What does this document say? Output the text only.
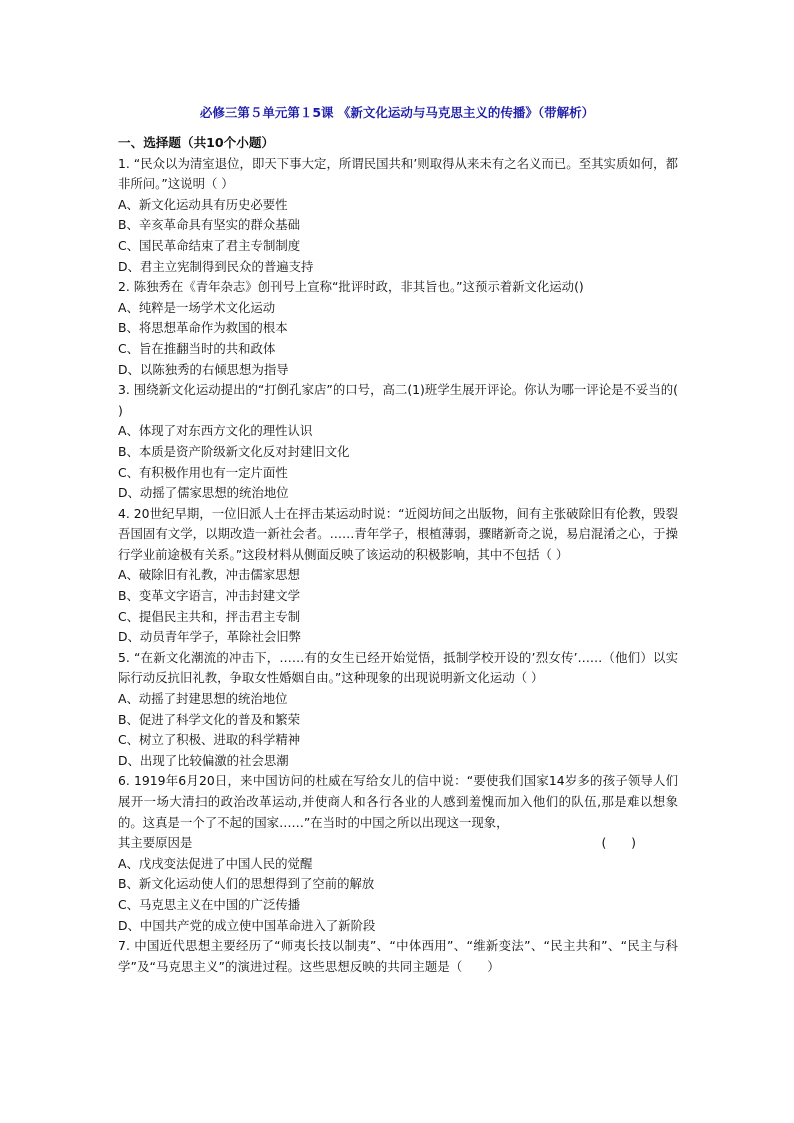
必修三第５单元第１5课 《新文化运动与马克思主义的传播》（带解析）
一、选择题（共10个小题）
1. “民众以为清室退位，即天下事大定，所谓民国共和’则取得从来未有之名义而已。至其实质如何，都非所问。”这说明（ ）
A、新文化运动具有历史必要性
B、辛亥革命具有坚实的群众基础
C、国民革命结束了君主专制制度
D、君主立宪制得到民众的普遍支持
2. 陈独秀在《青年杂志》创刊号上宣称“批评时政，非其旨也。”这预示着新文化运动()
A、纯粹是一场学术文化运动
B、将思想革命作为救国的根本
C、旨在推翻当时的共和政体
D、以陈独秀的右倾思想为指导
3. 围绕新文化运动提出的“打倒孔家店”的口号，高二(1)班学生展开评论。你认为哪一评论是不妥当的( )
A、体现了对东西方文化的理性认识
B、本质是资产阶级新文化反对封建旧文化
C、有积极作用也有一定片面性
D、动摇了儒家思想的统治地位
4. 20世纪早期，一位旧派人士在抨击某运动时说：“近阅坊间之出版物，间有主张破除旧有伦教，毁裂吾国固有文学，以期改造一新社会者。……青年学子，根植薄弱，骤睹新奇之说，易启混淆之心，于操行学业前途极有关系。”这段材料从侧面反映了该运动的积极影响，其中不包括（ ）
A、破除旧有礼教，冲击儒家思想
B、变革文字语言，冲击封建文学
C、提倡民主共和，抨击君主专制
D、动员青年学子，革除社会旧弊
5. “在新文化潮流的冲击下，……有的女生已经开始觉悟，抵制学校开设的’烈女传’……（他们）以实际行动反抗旧礼教，争取女性婚姻自由。”这种现象的出现说明新文化运动（ ）
A、动摇了封建思想的统治地位
B、促进了科学文化的普及和繁荣
C、树立了积极、进取的科学精神
D、出现了比较偏激的社会思潮
6. 1919年6月20日，来中国访问的杜威在写给女儿的信中说：“要使我们国家14岁多的孩子领导人们展开一场大清扫的政治改革运动,并使商人和各行各业的人感到羞愧而加入他们的队伍,那是难以想象的。这真是一个了不起的国家……”在当时的中国之所以出现这一现象，
其主要原因是	(　　)
A、戊戌变法促进了中国人民的觉醒
B、新文化运动使人们的思想得到了空前的解放
C、马克思主义在中国的广泛传播
D、中国共产党的成立使中国革命进入了新阶段
7. 中国近代思想主要经历了“师夷长技以制夷”、“中体西用”、“维新变法”、“民主共和”、“民主与科学”及“马克思主义”的演进过程。这些思想反映的共同主题是（　　）
